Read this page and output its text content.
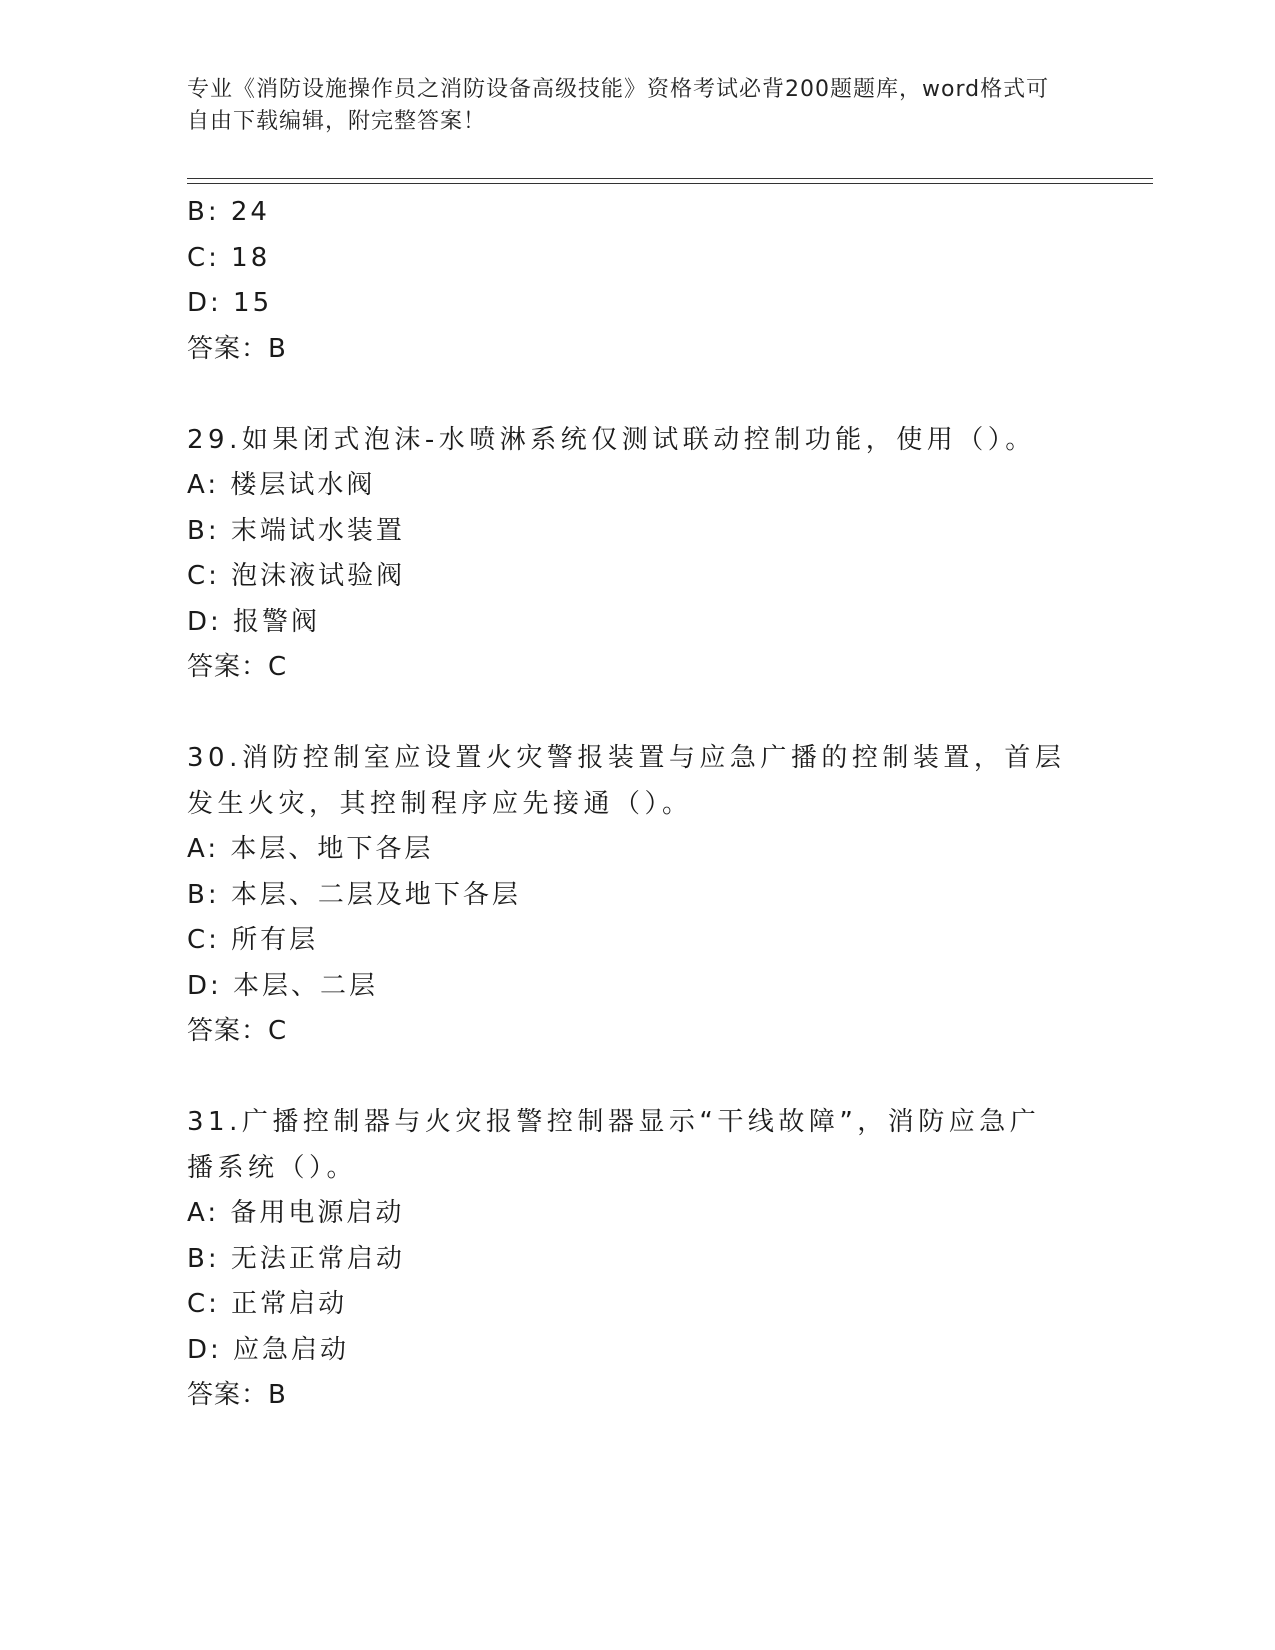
专业《消防设施操作员之消防设备高级技能》资格考试必背200题题库，word格式可自由下载编辑，附完整答案！
B: 24
C: 18
D: 15
答案：B
29.如果闭式泡沫-水喷淋系统仅测试联动控制功能，使用（）。
A: 楼层试水阀
B: 末端试水装置
C: 泡沫液试验阀
D: 报警阀
答案：C
30.消防控制室应设置火灾警报装置与应急广播的控制装置，首层发生火灾，其控制程序应先接通（）。
A: 本层、地下各层
B: 本层、二层及地下各层
C: 所有层
D: 本层、二层
答案：C
31.广播控制器与火灾报警控制器显示“干线故障”，消防应急广播系统（）。
A: 备用电源启动
B: 无法正常启动
C: 正常启动
D: 应急启动
答案：B
